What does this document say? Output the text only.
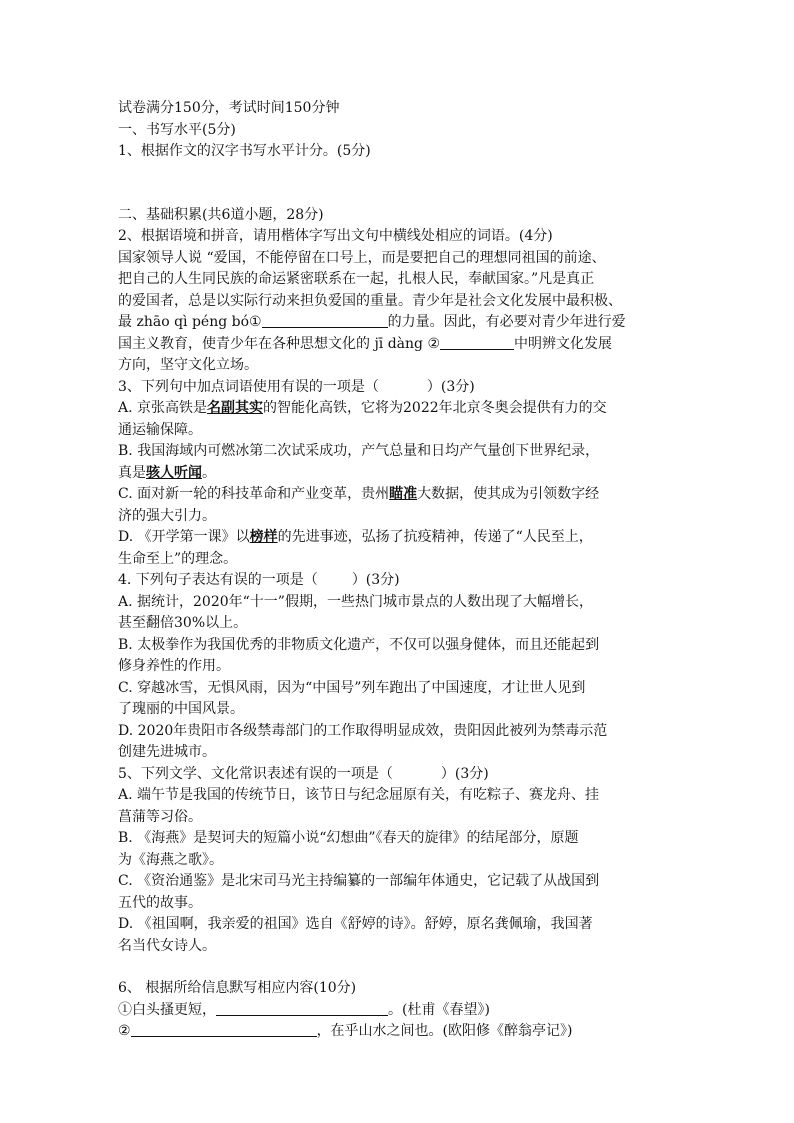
试卷满分150分，考试时间150分钟

一、书写水平(5分)

1、根据作文的汉字书写水平计分。(5分)

二、基础积累(共6道小题，28分)

2、根据语境和拼音，请用楷体字写出文句中横线处相应的词语。(4分)

国家领导人说 “爱国，不能停留在口号上，而是要把自己的理想同祖国的前途、

把自己的人生同民族的命运紧密联系在一起，扎根人民，奉献国家。”凡是真正

的爱国者，总是以实际行动来担负爱国的重量。青少年是社会文化发展中最积极、

最 zhāo qì péng bó①	的力量。因此，有必要对青少年进行爱

国主义教育，使青少年在各种思想文化的 jī dàng ②	中明辨文化发展

方向，坚守文化立场。

3、下列句中加点词语使用有误的一项是（	）(3分)

A. 京张高铁是名副其实的智能化高铁，它将为2022年北京冬奥会提供有力的交

通运输保障。

B. 我国海域内可燃冰第二次试采成功，产气总量和日均产气量创下世界纪录，

真是骇人听闻。

C. 面对新一轮的科技革命和产业变革，贵州瞄准大数据，使其成为引领数字经

济的强大引力。

D. 《开学第一课》以榜样的先进事迹，弘扬了抗疫精神，传递了“人民至上，

生命至上”的理念。

4. 下列句子表达有误的一项是（ ）(3分)

A. 据统计，2020年“十一”假期，一些热门城市景点的人数出现了大幅增长，

甚至翻倍30%以上。

B. 太极拳作为我国优秀的非物质文化遗产，不仅可以强身健体，而且还能起到

修身养性的作用。

C. 穿越冰雪，无惧风雨，因为“中国号”列车跑出了中国速度，才让世人见到

了瑰丽的中国风景。

D. 2020年贵阳市各级禁毒部门的工作取得明显成效，贵阳因此被列为禁毒示范

创建先进城市。

5、下列文学、文化常识表述有误的一项是（	）(3分)

A. 端午节是我国的传统节日，该节日与纪念屈原有关，有吃粽子、赛龙舟、挂

菖蒲等习俗。

B. 《海燕》是契诃夫的短篇小说“幻想曲”《春天的旋律》的结尾部分，原题

为《海燕之歌》。

C. 《资治通鉴》是北宋司马光主持编纂的一部编年体通史，它记载了从战国到

五代的故事。

D. 《祖国啊，我亲爱的祖国》选自《舒婷的诗》。舒婷，原名龚佩瑜，我国著

名当代女诗人。

6、 根据所给信息默写相应内容(10分)

①白头搔更短，	。(杜甫《春望》)

②	，在乎山水之间也。(欧阳修《醉翁亭记》)
